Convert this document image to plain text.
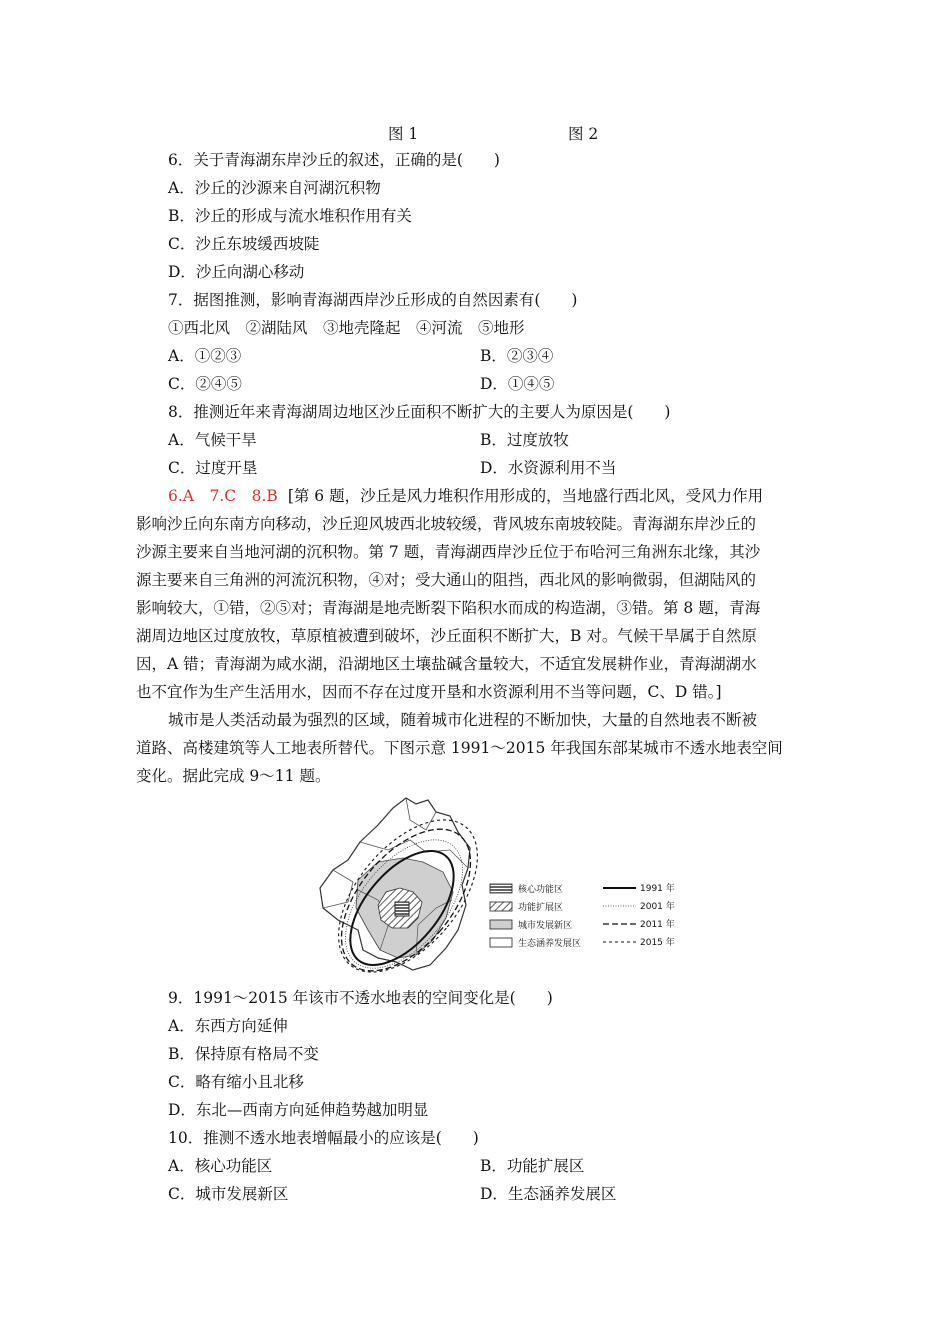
图 1	图 2
6．关于青海湖东岸沙丘的叙述，正确的是(　　)
A．沙丘的沙源来自河湖沉积物
B．沙丘的形成与流水堆积作用有关
C．沙丘东坡缓西坡陡
D．沙丘向湖心移动
7．据图推测，影响青海湖西岸沙丘形成的自然因素有(　　)
①西北风　②湖陆风　③地壳隆起　④河流　⑤地形
A．①②③	B．②③④
C．②④⑤	D．①④⑤
8．推测近年来青海湖周边地区沙丘面积不断扩大的主要人为原因是(　　)
A．气候干旱	B．过度放牧
C．过度开垦	D．水资源利用不当
6.A　7.C　8.B [第 6 题，沙丘是风力堆积作用形成的，当地盛行西北风，受风力作用
影响沙丘向东南方向移动，沙丘迎风坡西北坡较缓，背风坡东南坡较陡。青海湖东岸沙丘的
沙源主要来自当地河湖的沉积物。第 7 题，青海湖西岸沙丘位于布哈河三角洲东北缘，其沙
源主要来自三角洲的河流沉积物，④对；受大通山的阻挡，西北风的影响微弱，但湖陆风的
影响较大，①错，②⑤对；青海湖是地壳断裂下陷积水而成的构造湖，③错。第 8 题，青海
湖周边地区过度放牧，草原植被遭到破坏，沙丘面积不断扩大，B 对。气候干旱属于自然原
因，A 错；青海湖为咸水湖，沿湖地区土壤盐碱含量较大，不适宜发展耕作业，青海湖湖水
也不宜作为生产生活用水，因而不存在过度开垦和水资源利用不当等问题，C、D 错。]
城市是人类活动最为强烈的区域，随着城市化进程的不断加快，大量的自然地表不断被
道路、高楼建筑等人工地表所替代。下图示意 1991～2015 年我国东部某城市不透水地表空间
变化。据此完成 9～11 题。
核心功能区
功能扩展区
城市发展新区
生态涵养发展区
1991 年
2001 年
2011 年
2015 年
9．1991～2015 年该市不透水地表的空间变化是(　　)
A．东西方向延伸
B．保持原有格局不变
C．略有缩小且北移
D．东北—西南方向延伸趋势越加明显
10．推测不透水地表增幅最小的应该是(　　)
A．核心功能区	B．功能扩展区
C．城市发展新区	D．生态涵养发展区
